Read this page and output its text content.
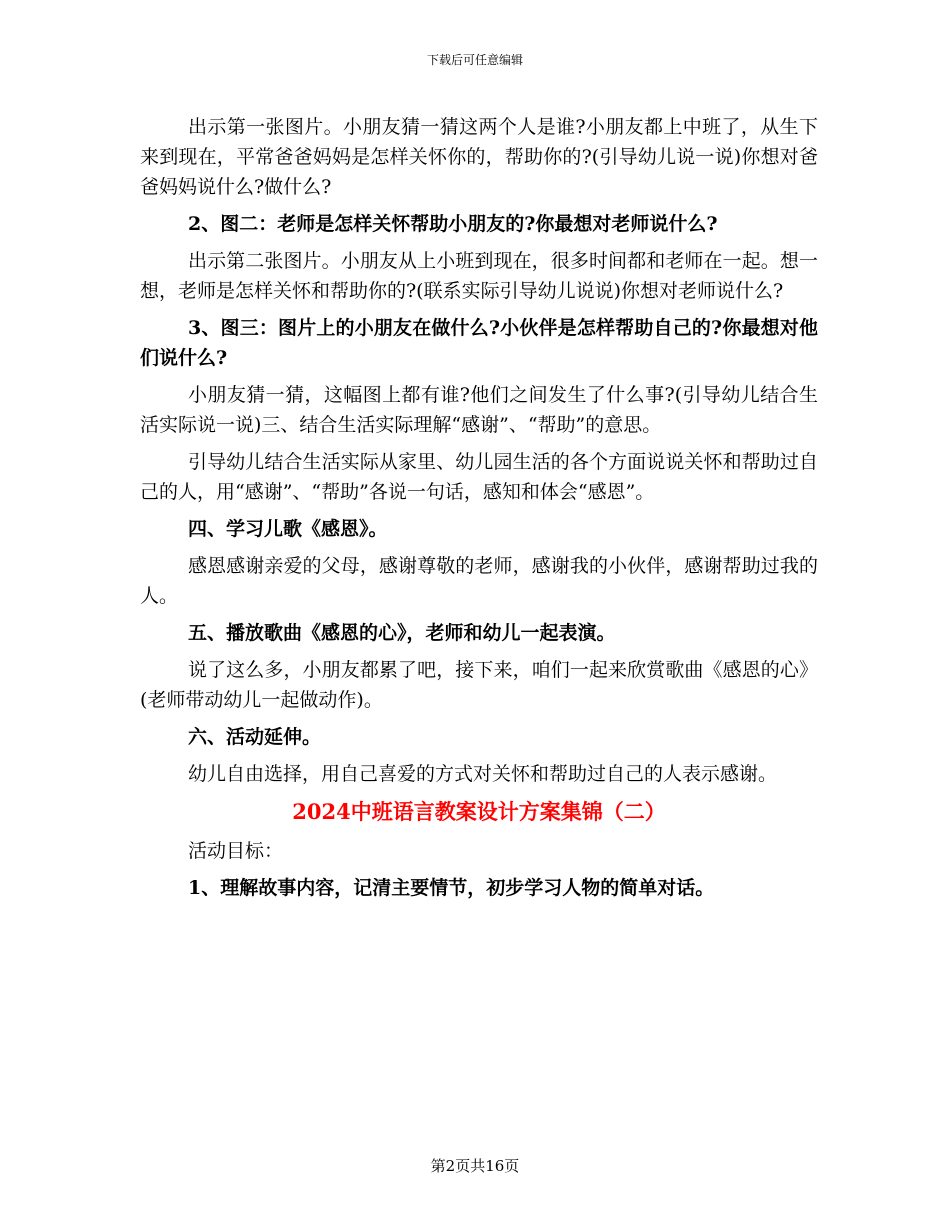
下载后可任意编辑

出示第一张图片。小朋友猜一猜这两个人是谁?小朋友都上中班了，从生下来到现在，平常爸爸妈妈是怎样关怀你的，帮助你的?(引导幼儿说一说)你想对爸爸妈妈说什么?做什么?

2、图二：老师是怎样关怀帮助小朋友的?你最想对老师说什么?

出示第二张图片。小朋友从上小班到现在，很多时间都和老师在一起。想一想，老师是怎样关怀和帮助你的?(联系实际引导幼儿说说)你想对老师说什么?

3、图三：图片上的小朋友在做什么?小伙伴是怎样帮助自己的?你最想对他们说什么?

小朋友猜一猜，这幅图上都有谁?他们之间发生了什么事?(引导幼儿结合生活实际说一说)三、结合生活实际理解“感谢”、“帮助”的意思。

引导幼儿结合生活实际从家里、幼儿园生活的各个方面说说关怀和帮助过自己的人，用“感谢”、“帮助”各说一句话，感知和体会“感恩”。

四、学习儿歌《感恩》。

感恩感谢亲爱的父母，感谢尊敬的老师，感谢我的小伙伴，感谢帮助过我的人。

五、播放歌曲《感恩的心》，老师和幼儿一起表演。

说了这么多，小朋友都累了吧，接下来，咱们一起来欣赏歌曲《感恩的心》(老师带动幼儿一起做动作)。

六、活动延伸。

幼儿自由选择，用自己喜爱的方式对关怀和帮助过自己的人表示感谢。

2024中班语言教案设计方案集锦（二）

活动目标：

1、理解故事内容，记清主要情节，初步学习人物的简单对话。

第2页共16页
